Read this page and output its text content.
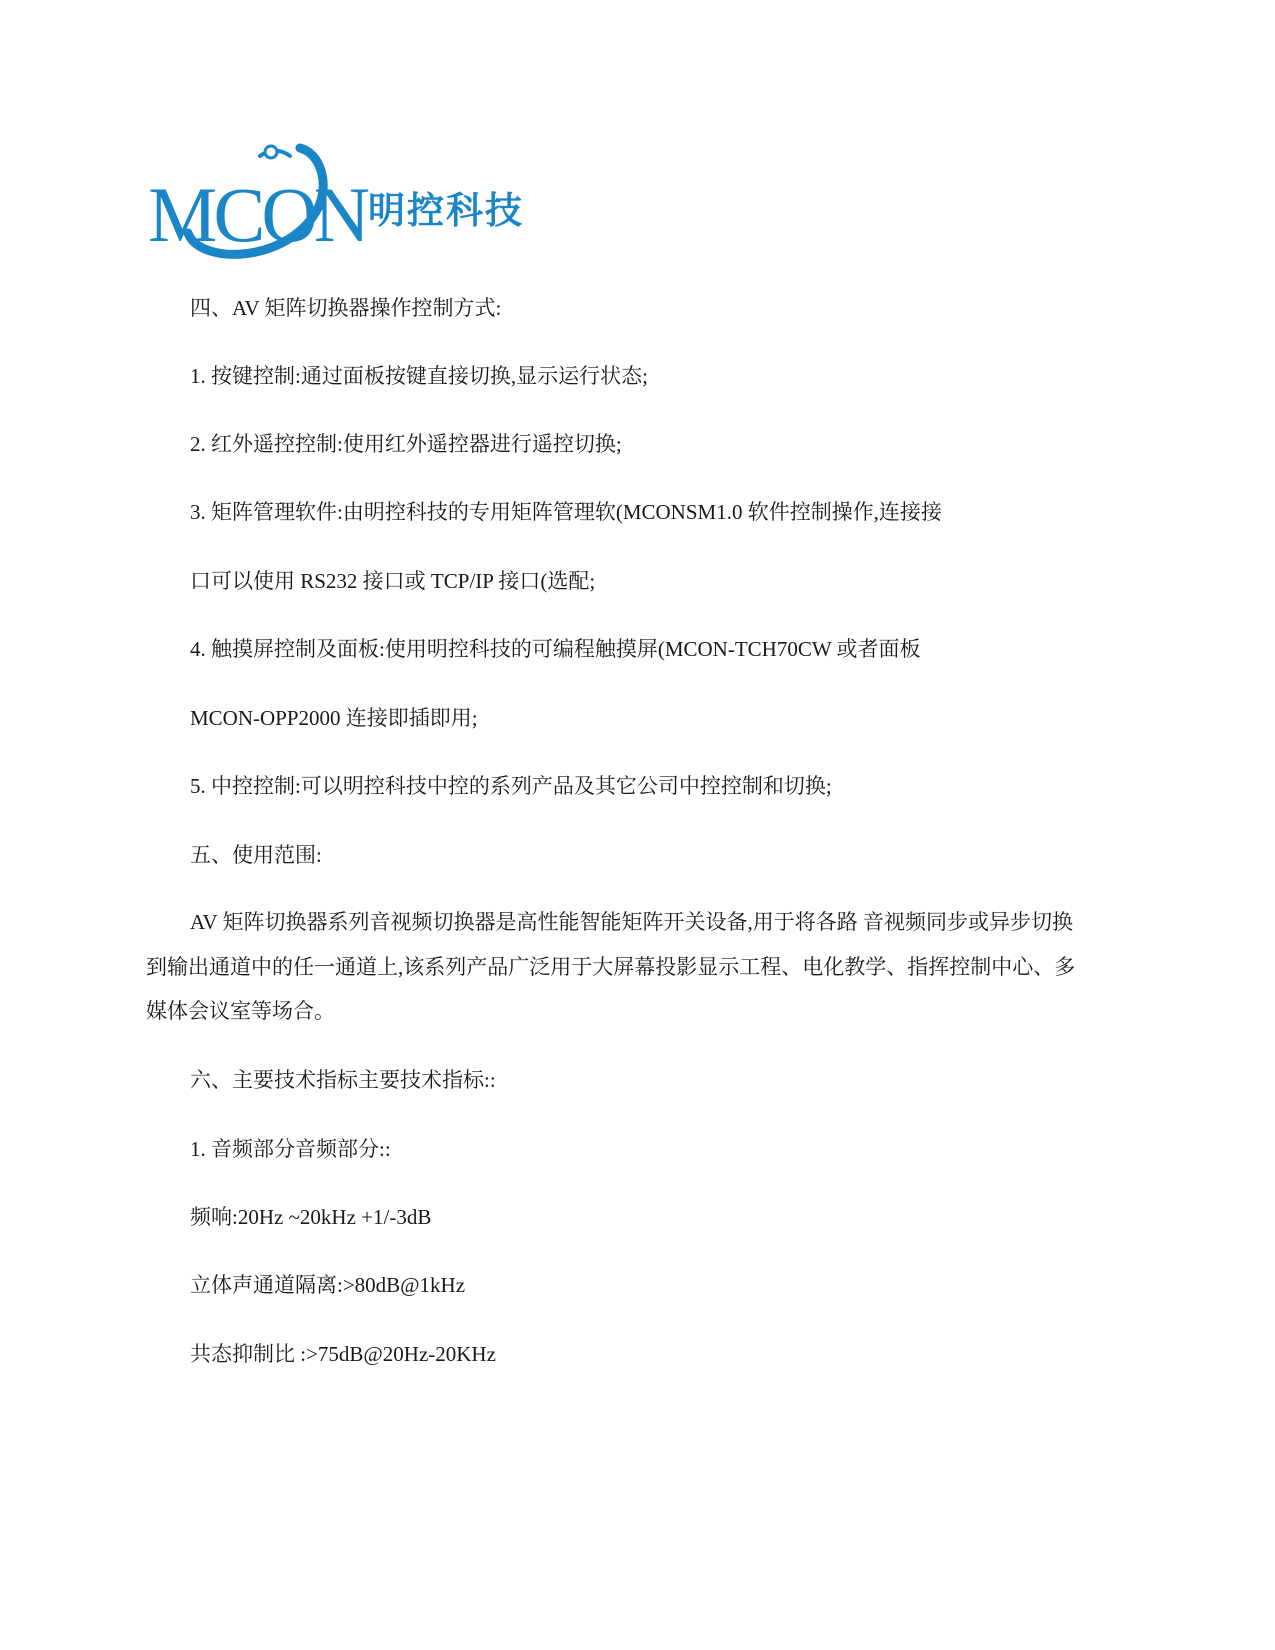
MCON 明控科技
四、AV 矩阵切换器操作控制方式:
1. 按键控制:通过面板按键直接切换,显示运行状态;
2. 红外遥控控制:使用红外遥控器进行遥控切换;
3. 矩阵管理软件:由明控科技的专用矩阵管理软(MCONSM1.0 软件控制操作,连接接
口可以使用 RS232 接口或 TCP/IP 接口(选配;
4. 触摸屏控制及面板:使用明控科技的可编程触摸屏(MCON-TCH70CW 或者面板
MCON-OPP2000 连接即插即用;
5. 中控控制:可以明控科技中控的系列产品及其它公司中控控制和切换;
五、使用范围:
AV 矩阵切换器系列音视频切换器是高性能智能矩阵开关设备,用于将各路 音视频同步或异步切换
到输出通道中的任一通道上,该系列产品广泛用于大屏幕投影显示工程、电化教学、指挥控制中心、多
媒体会议室等场合。
六、主要技术指标主要技术指标::
1. 音频部分音频部分::
频响:20Hz ~20kHz +1/-3dB
立体声通道隔离:>80dB@1kHz
共态抑制比 :>75dB@20Hz-20KHz
